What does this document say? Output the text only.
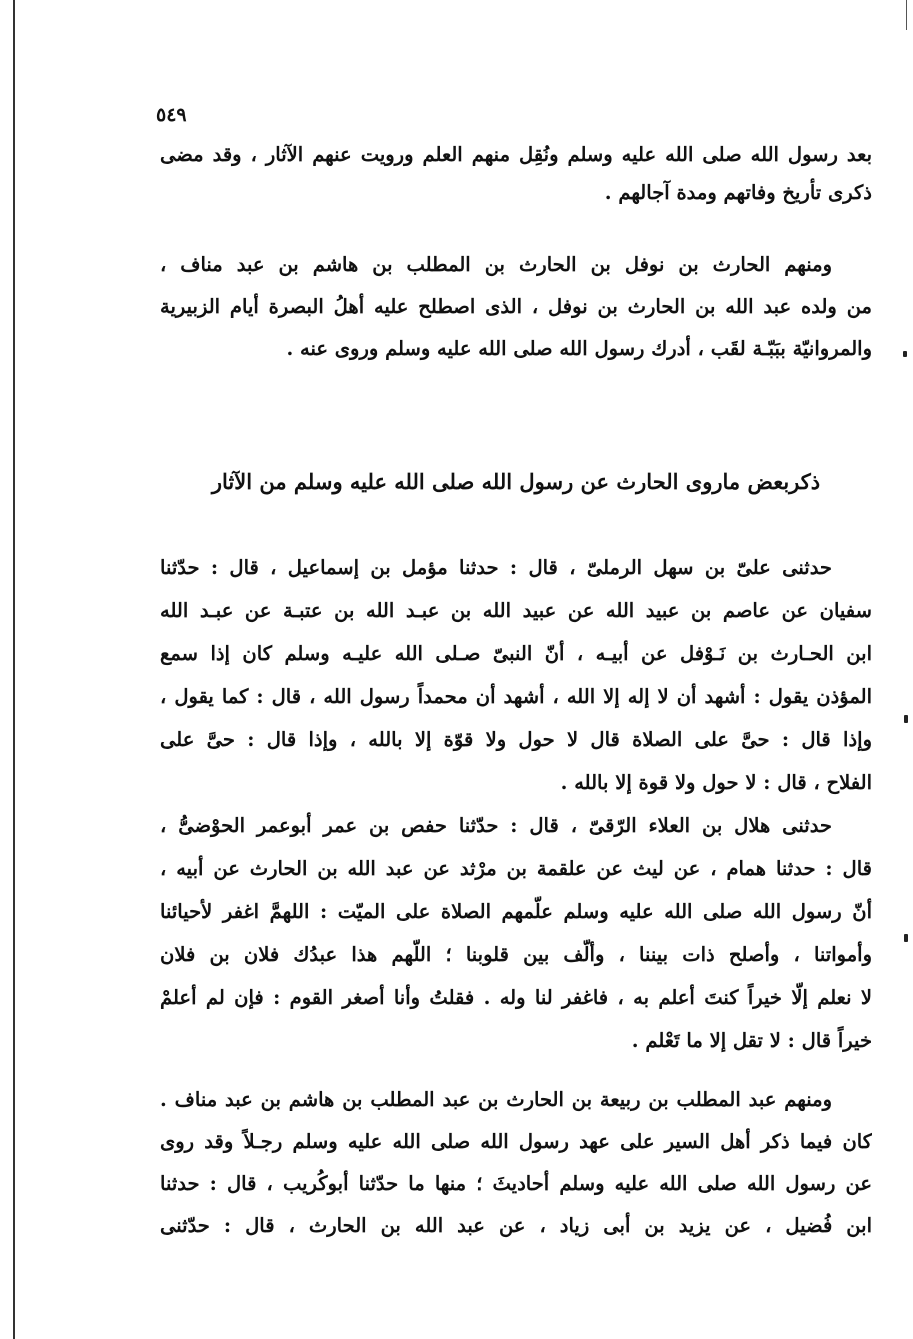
٥٤٩
بعد رسول الله صلى الله عليه وسلم ونُقِل منهم العلم ورويت عنهم الآثار ، وقد مضى
ذكرى تأريخ وفاتهم ومدة آجالهم .
ومنهم الحارث بن نوفل بن الحارث بن المطلب بن هاشم بن عبد مناف ،
من ولده عبد الله بن الحارث بن نوفل ، الذى اصطلح عليه أهلُ البصرة أيام الزبيرية
والمروانيّة ببَبّـة لقَب ، أدرك رسول الله صلى الله عليه وسلم وروى عنه .
ذكربعض ماروى الحارث عن رسول الله صلى الله عليه وسلم من الآثار
حدثنى علىّ بن سهل الرملىّ ، قال : حدثنا مؤمل بن إسماعيل ، قال : حدّثنا
سفيان عن عاصم بن عبيد الله عن عبيد الله بن عبـد الله بن عتبـة عن عبـد الله
ابن الحـارث بن نَـوْفل عن أبيـه ، أنّ النبىّ صـلى الله عليـه وسلم كان إذا سمع
المؤذن يقول : أشهد أن لا إله إلا الله ، أشهد أن محمداً رسول الله ، قال : كما يقول ،
وإذا قال : حىَّ على الصلاة قال لا حول ولا قوّة إلا بالله ، وإذا قال : حىَّ على
الفلاح ، قال : لا حول ولا قوة إلا بالله .
حدثنى هلال بن العلاء الرّقىّ ، قال : حدّثنا حفص بن عمر أبوعمر الحوْضىُّ ،
قال : حدثنا همام ، عن ليث عن علقمة بن مرْثد عن عبد الله بن الحارث عن أبيه ،
أنّ رسول الله صلى الله عليه وسلم علّمهم الصلاة على الميّت : اللهمَّ اغفر لأحيائنا
وأمواتنا ، وأصلح ذات بيننا ، وألّف بين قلوبنا ؛ اللّهم هذا عبدُك فلان بن فلان
لا نعلم إلّا خيراً كنتَ أعلم به ، فاغفر لنا وله . فقلتُ وأنا أصغر القوم : فإن لم أعلمْ
خيراً قال : لا تقل إلا ما تَعْلم .
ومنهم عبد المطلب بن ربيعة بن الحارث بن عبد المطلب بن هاشم بن عبد مناف .
كان فيما ذكر أهل السير على عهد رسول الله صلى الله عليه وسلم رجـلاً وقد روى
عن رسول الله صلى الله عليه وسلم أحاديثَ ؛ منها ما حدّثنا أبوكُريب ، قال : حدثنا
ابن فُضيل ، عن يزيد بن أبى زياد ، عن عبد الله بن الحارث ، قال : حدّثنى
